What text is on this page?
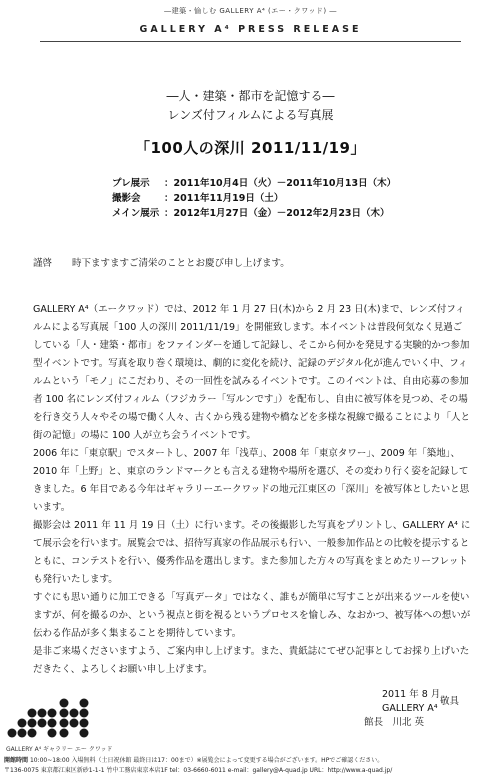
―建築・愉しむ GALLERY A⁴ (エー・クワッド) ―
GALLERY A⁴ PRESS RELEASE
―人・建築・都市を記憶する―
レンズ付フィルムによる写真展
「100人の深川 2011/11/19」
プレ展示	：2011年10月4日（火）－2011年10月13日（木）
撮影会	：2011年11月19日（土）
メイン展示 ：2012年1月27日（金）－2012年2月23日（木）
謹啓 時下ますますご清栄のこととお慶び申し上げます。

GALLERY A⁴（エークワッド）では、2012 年 1 月 27 日(木)から 2 月 23 日(木)まで、レンズ付フィルムによる写真展「100 人の深川 2011/11/19」を開催致します。本イベントは普段何気なく見過ごしている「人・建築・都市」をファインダーを通して記録し、そこから何かを発見する実験的かつ参加型イベントです。写真を取り巻く環境は、劇的に変化を続け、記録のデジタル化が進んでいく中、フィルムという「モノ」にこだわり、その一回性を試みるイベントです。このイベントは、自由応募の参加者 100 名にレンズ付フィルム（フジカラー「写ルンです」）を配布し、自由に被写体を見つめ、その場を行き交う人々やその場で働く人々、古くから残る建物や橋などを多様な視線で撮ることにより「人と街の記憶」の場に 100 人が立ち会うイベントです。

2006 年に「東京駅」でスタートし、2007 年「浅草」、2008 年「東京タワー」、2009 年「築地」、2010 年「上野」と、東京のランドマークとも言える建物や場所を選び、その変わり行く姿を記録してきました。6 年目である今年はギャラリーエークワッドの地元江東区の「深川」を被写体としたいと思います。

撮影会は 2011 年 11 月 19 日（土）に行います。その後撮影した写真をプリントし、GALLERY A⁴ にて展示会を行います。展覧会では、招待写真家の作品展示も行い、一般参加作品との比較を提示するとともに、コンテストを行い、優秀作品を選出します。また参加した方々の写真をまとめたリーフレットも発行いたします。

すぐにも思い通りに加工できる「写真データ」ではなく、誰もが簡単に写すことが出来るツールを使いますが、何を撮るのか、という視点と街を視るというプロセスを愉しみ、なおかつ、被写体への想いが伝わる作品が多く集まることを期待しています。

是非ご来場くださいますよう、ご案内申し上げます。また、貴紙誌にてぜひ記事としてお採り上げいただきたく、よろしくお願い申し上げます。

敬具
2011 年 8 月
GALLERY A⁴
館長　川北 英
GALLERY A⁴ ギャラリー エー クワッド
開館時間 10:00~18:00 入場無料（土日祝休館 最終日は17：00まで）※展覧会によって変更する場合がございます。HPでご確認ください。
〒136-0075 東京都江東区新砂1-1-1 竹中工務店東京本店1F tel：03-6660-6011 e-mail：gallery@A-quad.jp URL：http://www.a-quad.jp/
